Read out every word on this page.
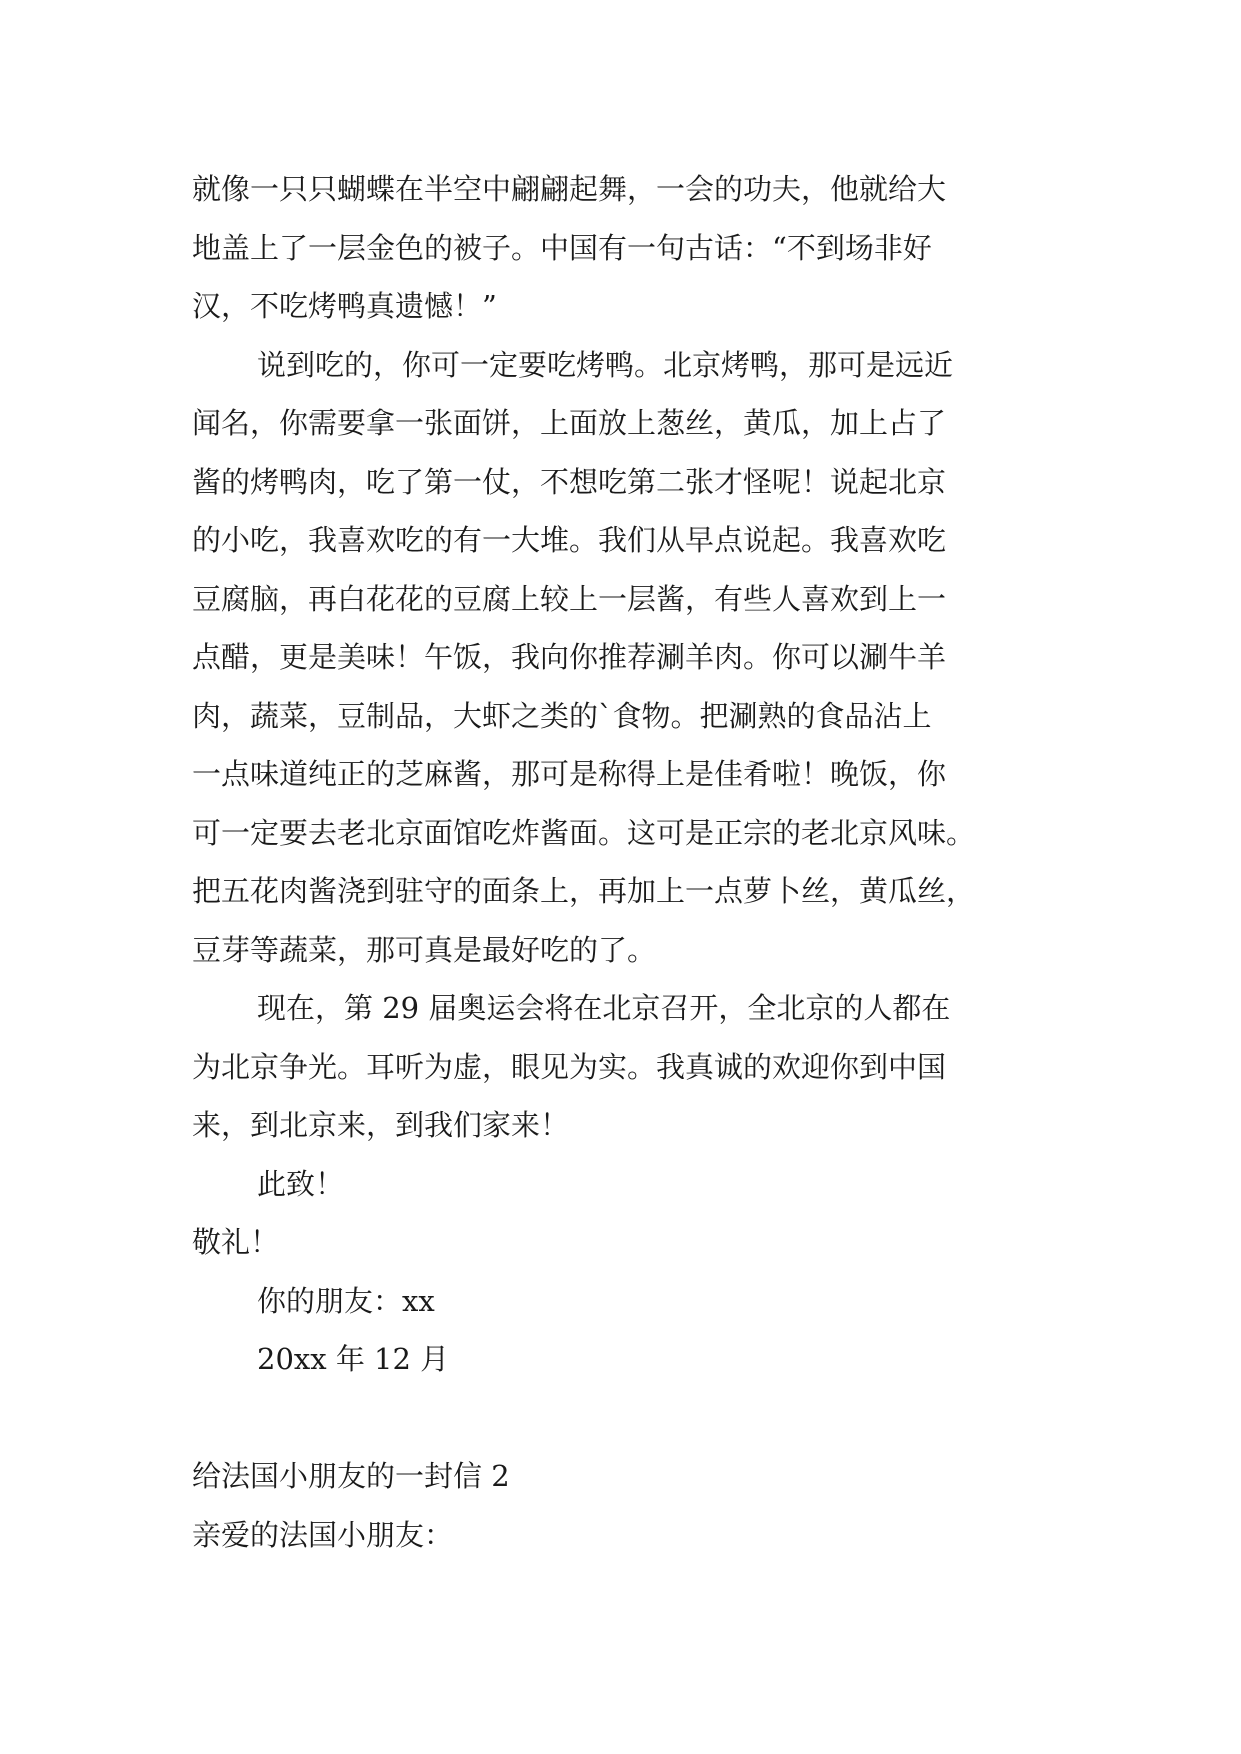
就像一只只蝴蝶在半空中翩翩起舞，一会的功夫，他就给大
地盖上了一层金色的被子。中国有一句古话：“不到场非好
汉，不吃烤鸭真遗憾！”
说到吃的，你可一定要吃烤鸭。北京烤鸭，那可是远近
闻名，你需要拿一张面饼，上面放上葱丝，黄瓜，加上占了
酱的烤鸭肉，吃了第一仗，不想吃第二张才怪呢！说起北京
的小吃，我喜欢吃的有一大堆。我们从早点说起。我喜欢吃
豆腐脑，再白花花的豆腐上较上一层酱，有些人喜欢到上一
点醋，更是美味！午饭，我向你推荐涮羊肉。你可以涮牛羊
肉，蔬菜，豆制品，大虾之类的`食物。把涮熟的食品沾上
一点味道纯正的芝麻酱，那可是称得上是佳肴啦！晚饭，你
可一定要去老北京面馆吃炸酱面。这可是正宗的老北京风味。
把五花肉酱浇到驻守的面条上，再加上一点萝卜丝，黄瓜丝，
豆芽等蔬菜，那可真是最好吃的了。
现在，第 29 届奥运会将在北京召开，全北京的人都在
为北京争光。耳听为虚，眼见为实。我真诚的欢迎你到中国
来，到北京来，到我们家来！
此致！
敬礼！
你的朋友：xx
20xx 年 12 月
给法国小朋友的一封信 2
亲爱的法国小朋友：
